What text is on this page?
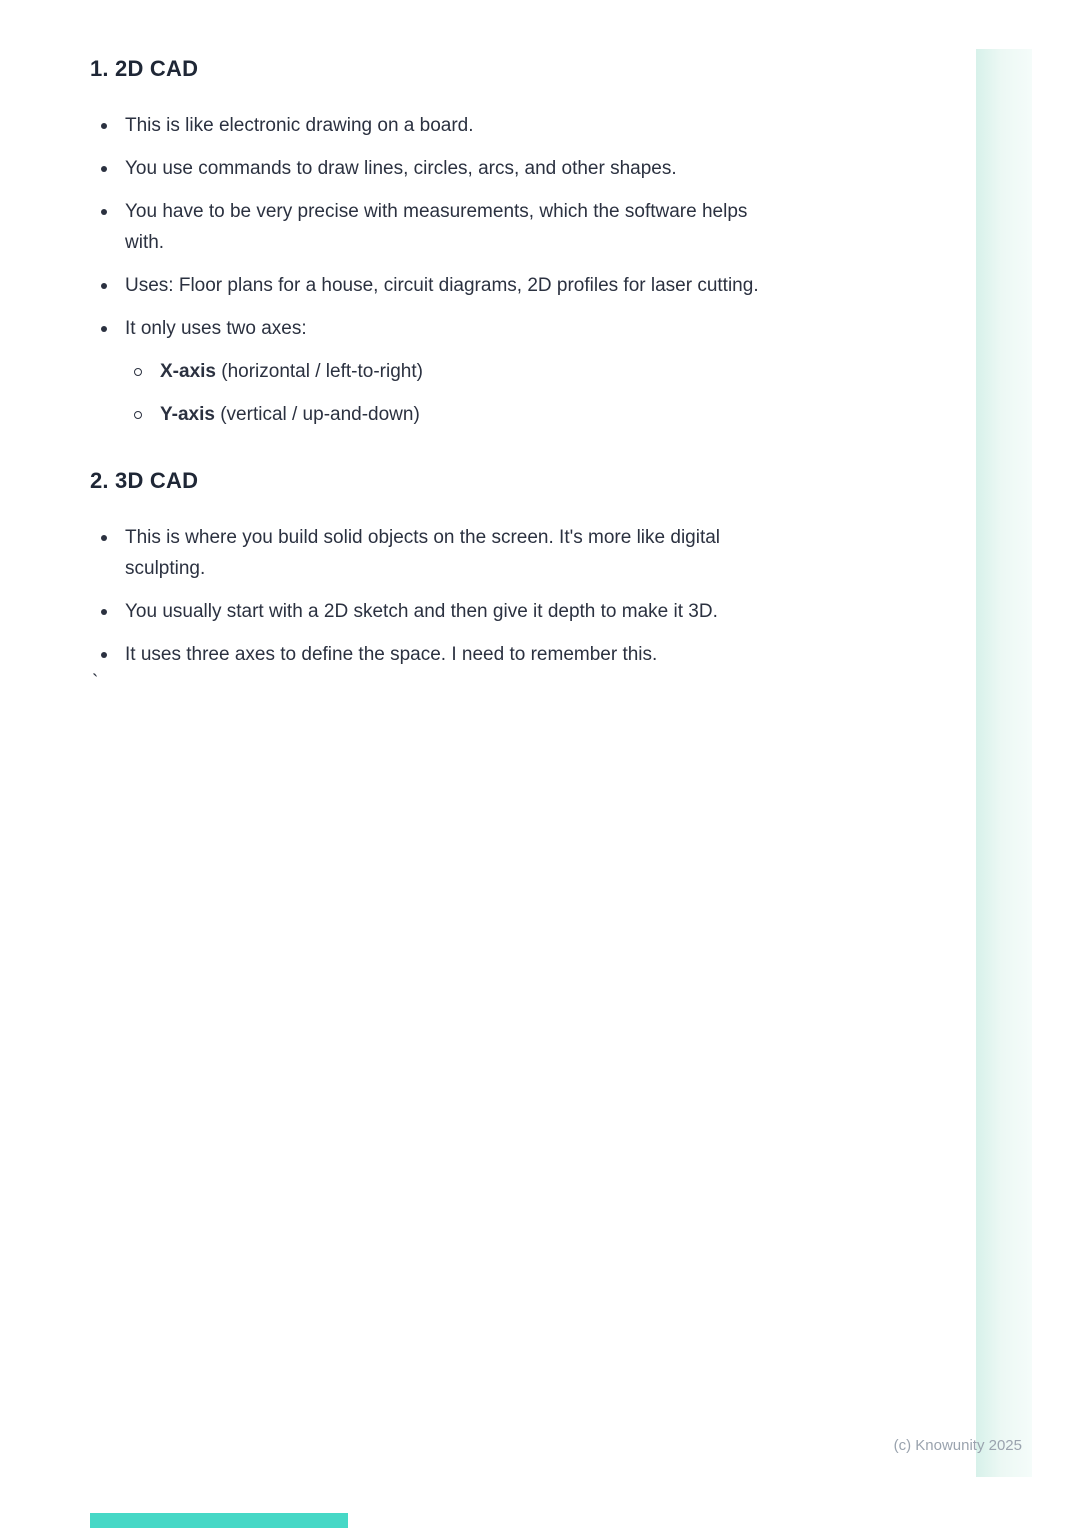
1. 2D CAD
This is like electronic drawing on a board.
You use commands to draw lines, circles, arcs, and other shapes.
You have to be very precise with measurements, which the software helps with.
Uses: Floor plans for a house, circuit diagrams, 2D profiles for laser cutting.
It only uses two axes:
X-axis (horizontal / left-to-right)
Y-axis (vertical / up-and-down)
2. 3D CAD
This is where you build solid objects on the screen. It's more like digital sculpting.
You usually start with a 2D sketch and then give it depth to make it 3D.
It uses three axes to define the space. I need to remember this.
`
(c) Knowunity 2025
